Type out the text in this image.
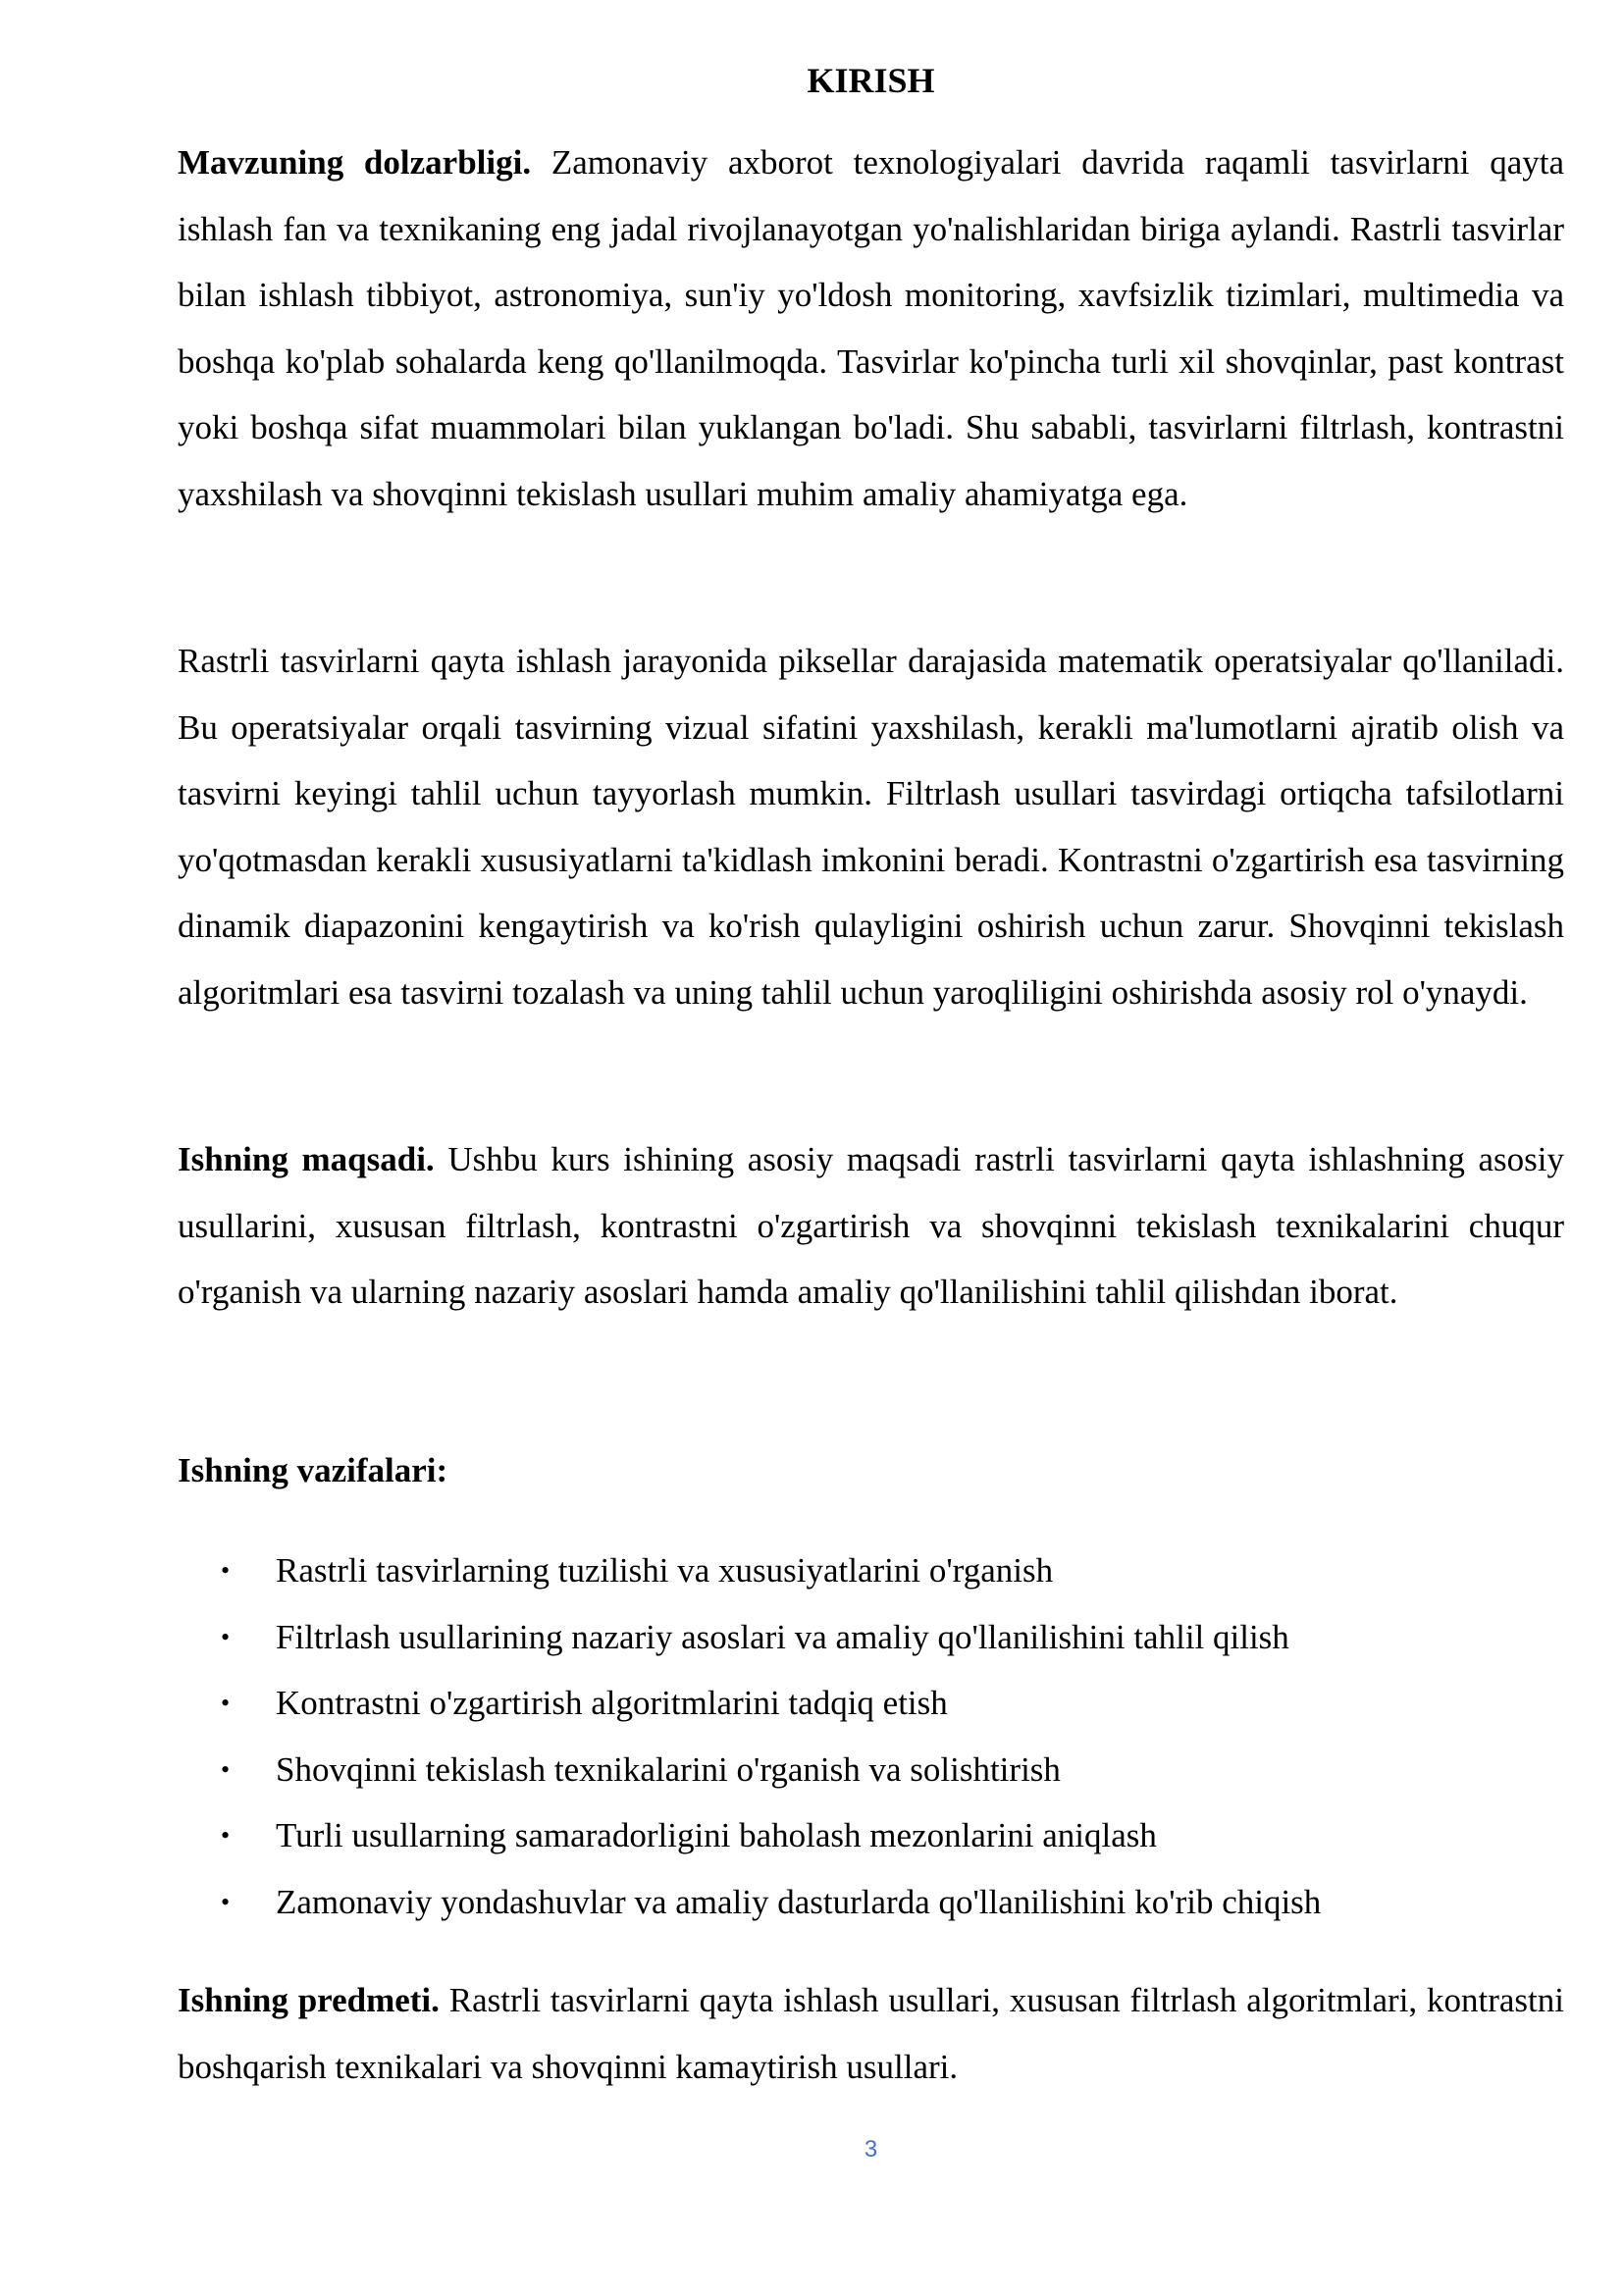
KIRISH

Mavzuning dolzarbligi. Zamonaviy axborot texnologiyalari davrida raqamli tasvirlarni qayta ishlash fan va texnikaning eng jadal rivojlanayotgan yo'nalishlaridan biriga aylandi. Rastrli tasvirlar bilan ishlash tibbiyot, astronomiya, sun'iy yo'ldosh monitoring, xavfsizlik tizimlari, multimedia va boshqa ko'plab sohalarda keng qo'llanilmoqda. Tasvirlar ko'pincha turli xil shovqinlar, past kontrast yoki boshqa sifat muammolari bilan yuklangan bo'ladi. Shu sababli, tasvirlarni filtrlash, kontrastni yaxshilash va shovqinni tekislash usullari muhim amaliy ahamiyatga ega.

Rastrli tasvirlarni qayta ishlash jarayonida piksellar darajasida matematik operatsiyalar qo'llaniladi. Bu operatsiyalar orqali tasvirning vizual sifatini yaxshilash, kerakli ma'lumotlarni ajratib olish va tasvirni keyingi tahlil uchun tayyorlash mumkin. Filtrlash usullari tasvirdagi ortiqcha tafsilotlarni yo'qotmasdan kerakli xususiyatlarni ta'kidlash imkonini beradi. Kontrastni o'zgartirish esa tasvirning dinamik diapazonini kengaytirish va ko'rish qulayligini oshirish uchun zarur. Shovqinni tekislash algoritmlari esa tasvirni tozalash va uning tahlil uchun yaroqliligini oshirishda asosiy rol o'ynaydi.

Ishning maqsadi. Ushbu kurs ishining asosiy maqsadi rastrli tasvirlarni qayta ishlashning asosiy usullarini, xususan filtrlash, kontrastni o'zgartirish va shovqinni tekislash texnikalarini chuqur o'rganish va ularning nazariy asoslari hamda amaliy qo'llanilishini tahlil qilishdan iborat.

Ishning vazifalari:

• Rastrli tasvirlarning tuzilishi va xususiyatlarini o'rganish
• Filtrlash usullarining nazariy asoslari va amaliy qo'llanilishini tahlil qilish
• Kontrastni o'zgartirish algoritmlarini tadqiq etish
• Shovqinni tekislash texnikalarini o'rganish va solishtirish
• Turli usullarning samaradorligini baholash mezonlarini aniqlash
• Zamonaviy yondashuvlar va amaliy dasturlarda qo'llanilishini ko'rib chiqish

Ishning predmeti. Rastrli tasvirlarni qayta ishlash usullari, xususan filtrlash algoritmlari, kontrastni boshqarish texnikalari va shovqinni kamaytirish usullari.

3
